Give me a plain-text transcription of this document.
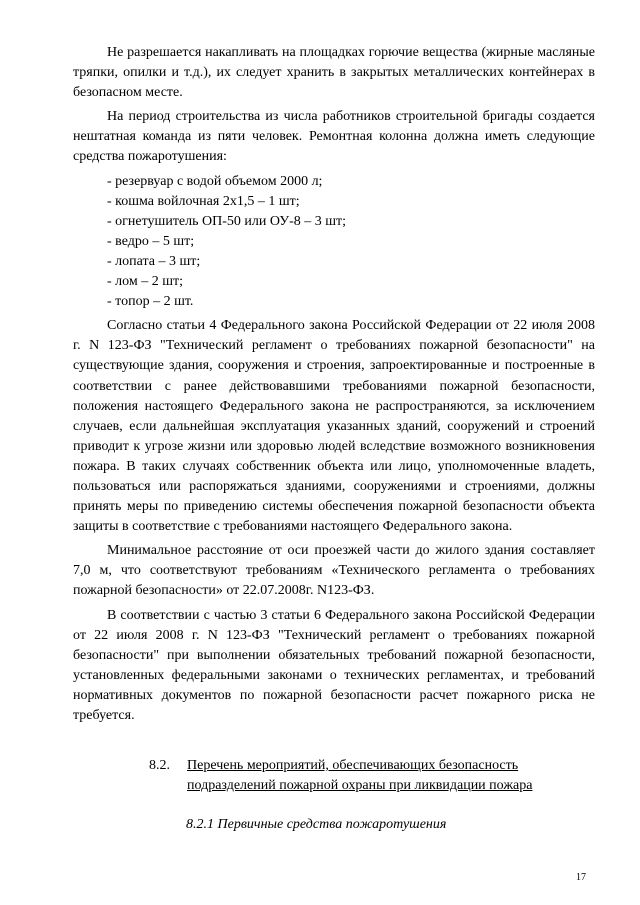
Не разрешается накапливать на площадках горючие вещества (жирные масляные тряпки, опилки и т.д.), их следует хранить в закрытых металлических контейнерах в безопасном месте.

На период строительства из числа работников строительной бригады создается нештатная команда из пяти человек. Ремонтная колонна должна иметь следующие средства пожаротушения:

- резервуар с водой объемом 2000 л;
- кошма войлочная 2х1,5 – 1 шт;
- огнетушитель ОП-50 или ОУ-8 – 3 шт;
- ведро – 5 шт;
- лопата – 3 шт;
- лом – 2 шт;
- топор – 2 шт.

Согласно статьи 4 Федерального закона Российской Федерации от 22 июля 2008 г. N 123-ФЗ "Технический регламент о требованиях пожарной безопасности" на существующие здания, сооружения и строения, запроектированные и построенные в соответствии с ранее действовавшими требованиями пожарной безопасности, положения настоящего Федерального закона не распространяются, за исключением случаев, если дальнейшая эксплуатация указанных зданий, сооружений и строений приводит к угрозе жизни или здоровью людей вследствие возможного возникновения пожара. В таких случаях собственник объекта или лицо, уполномоченные владеть, пользоваться или распоряжаться зданиями, сооружениями и строениями, должны принять меры по приведению системы обеспечения пожарной безопасности объекта защиты в соответствие с требованиями настоящего Федерального закона.

Минимальное расстояние от оси проезжей части до жилого здания составляет 7,0 м, что соответствуют требованиям «Технического регламента о требованиях пожарной безопасности» от 22.07.2008г. N123-ФЗ.

В соответствии с частью 3 статьи 6 Федерального закона Российской Федерации от 22 июля 2008 г. N 123-ФЗ "Технический регламент о требованиях пожарной безопасности" при выполнении обязательных требований пожарной безопасности, установленных федеральными законами о технических регламентах, и требований нормативных документов по пожарной безопасности расчет пожарного риска не требуется.

8.2.	Перечень мероприятий, обеспечивающих безопасность
подразделений пожарной охраны при ликвидации пожара
8.2.1 Первичные средства пожаротушения
17
